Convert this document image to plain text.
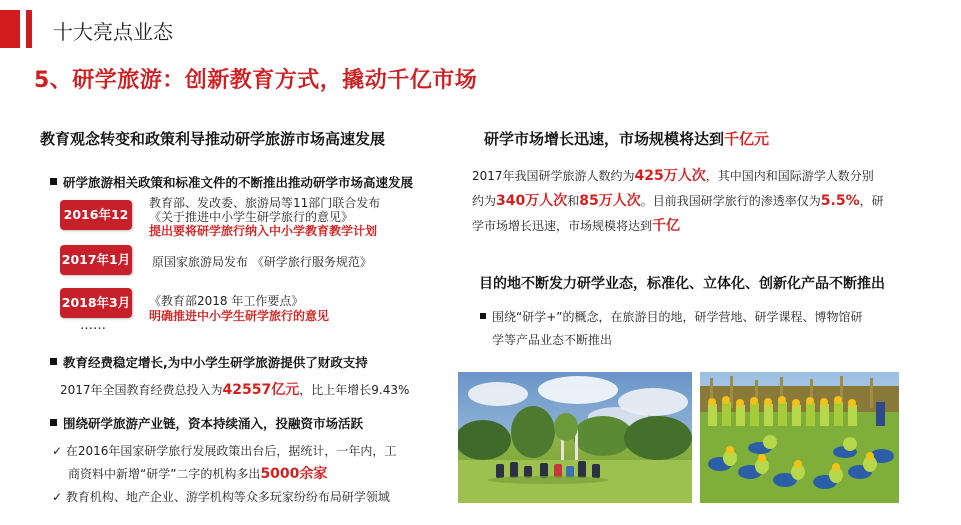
十大亮点业态
5、研学旅游：创新教育方式，撬动千亿市场
教育观念转变和政策利导推动研学旅游市场高速发展
研学旅游相关政策和标准文件的不断推出推动研学市场高速发展
2016年12
教育部、发改委、旅游局等11部门联合发布
《关于推进中小学生研学旅行的意见》
提出要将研学旅行纳入中小学教育教学计划
2017年1月 原国家旅游局发布 《研学旅行服务规范》
2018年3月 《教育部2018 年工作要点》
明确推进中小学生研学旅行的意见
……
教育经费稳定增长,为中小学生研学旅游提供了财政支持
2017年全国教育经费总投入为42557亿元，比上年增长9.43%
围绕研学旅游产业链，资本持续涌入，投融资市场活跃
✓ 在2016年国家研学旅行发展政策出台后，据统计，一年内，工
商资料中新增“研学”二字的机构多出5000余家
✓ 教育机构、地产企业、游学机构等众多玩家纷纷布局研学领域
研学市场增长迅速，市场规模将达到千亿元
2017年我国研学旅游人数约为425万人次，其中国内和国际游学人数分别
约为340万人次和85万人次。目前我国研学旅行的渗透率仅为5.5%，研
学市场增长迅速，市场规模将达到千亿
目的地不断发力研学业态，标准化、立体化、创新化产品不断推出
围绕“研学+”的概念，在旅游目的地，研学营地、研学课程、博物馆研
学等产品业态不断推出
